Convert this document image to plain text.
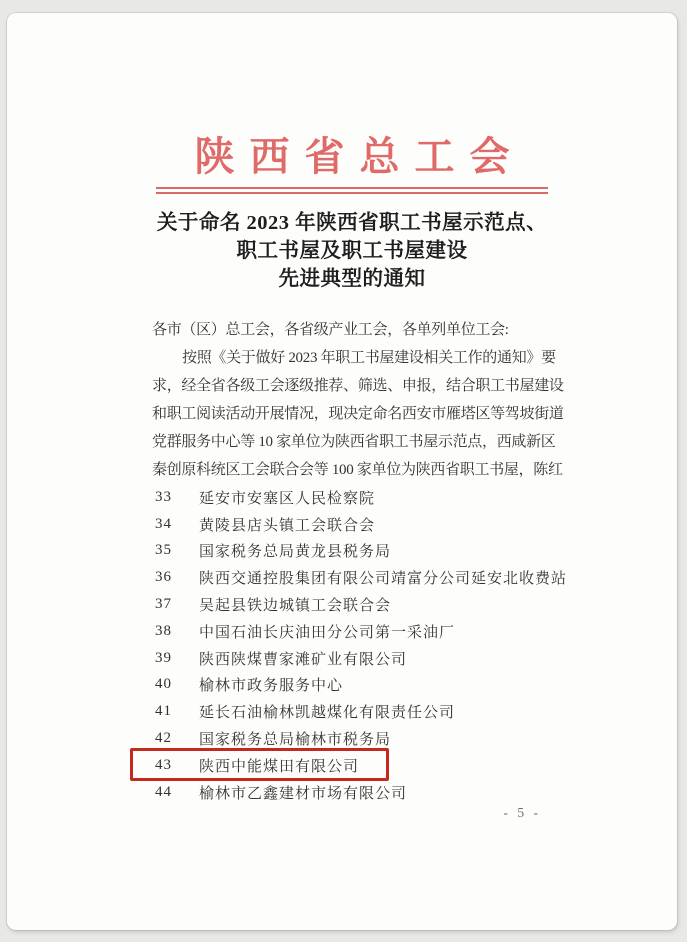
陕西省总工会
关于命名 2023 年陕西省职工书屋示范点、
职工书屋及职工书屋建设
先进典型的通知
各市（区）总工会，各省级产业工会，各单列单位工会:
按照《关于做好 2023 年职工书屋建设相关工作的通知》要
求，经全省各级工会逐级推荐、筛选、申报，结合职工书屋建设
和职工阅读活动开展情况，现决定命名西安市雁塔区等驾坡街道
党群服务中心等 10 家单位为陕西省职工书屋示范点，西咸新区
秦创原科统区工会联合会等 100 家单位为陕西省职工书屋，陈红
33	延安市安塞区人民检察院
34	黄陵县店头镇工会联合会
35	国家税务总局黄龙县税务局
36	陕西交通控股集团有限公司靖富分公司延安北收费站
37	吴起县铁边城镇工会联合会
38	中国石油长庆油田分公司第一采油厂
39	陕西陕煤曹家滩矿业有限公司
40	榆林市政务服务中心
41	延长石油榆林凯越煤化有限责任公司
42	国家税务总局榆林市税务局
43	陕西中能煤田有限公司
44	榆林市乙鑫建材市场有限公司
- 5 -
